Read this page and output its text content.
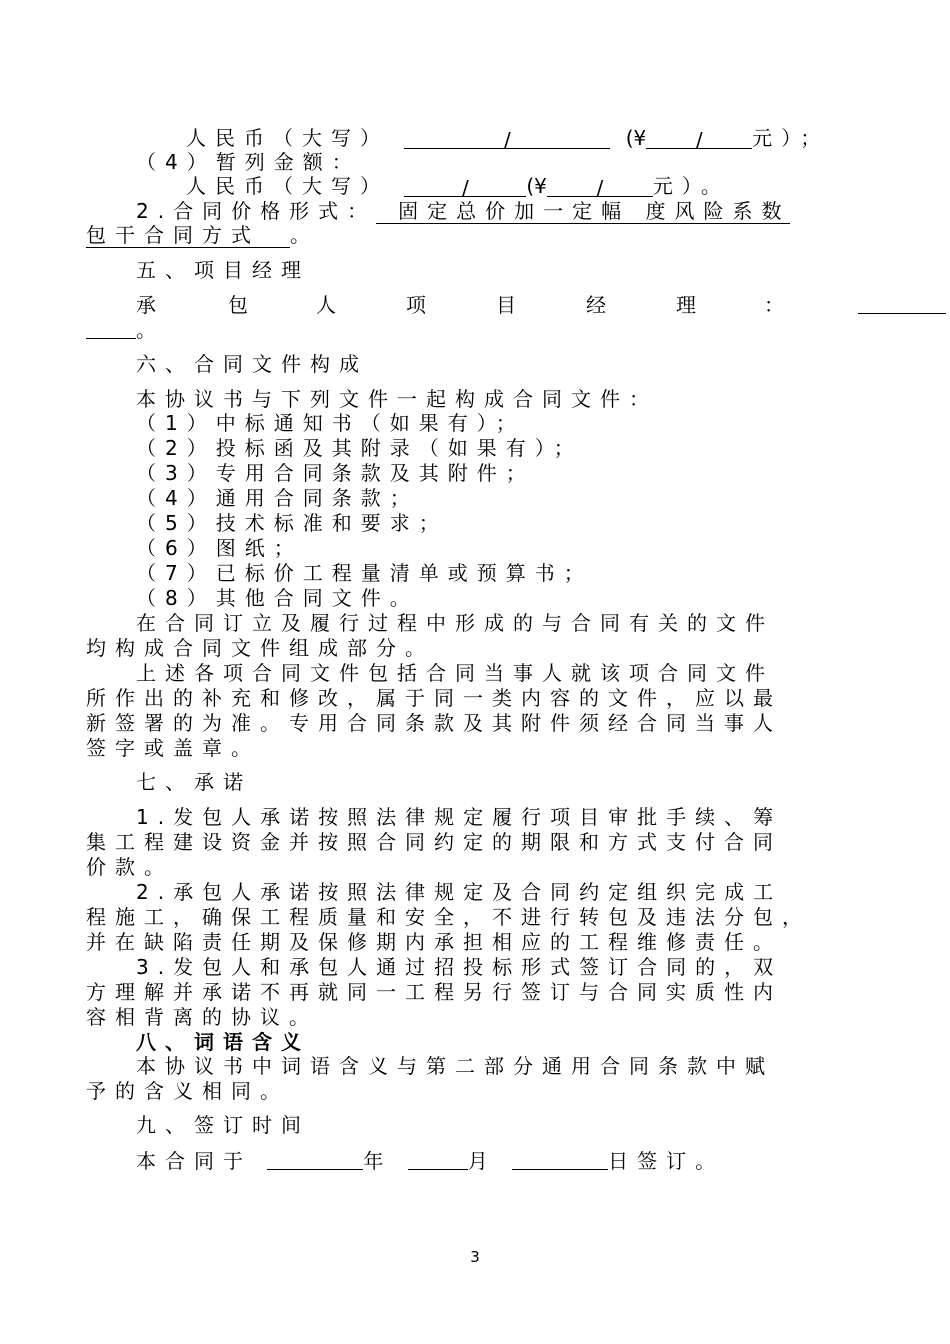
人民币（大写）	/	(¥ / 元）；
（4）暂列金额：
人民币（大写）	/	(¥ / 元）。
2.合同价格形式： 固定总价加一定幅 度风险系数
包干合同方式 。
五、项目经理
承	包	人	项	目	经	理	：
。
六、合同文件构成
本协议书与下列文件一起构成合同文件：
（1）中标通知书（如果有）；
（2）投标函及其附录（如果有）；
（3）专用合同条款及其附件；
（4）通用合同条款；
（5）技术标准和要求；
（6）图纸；
（7）已标价工程量清单或预算书；
（8）其他合同文件。
在合同订立及履行过程中形成的与合同有关的文件
均构成合同文件组成部分。
上述各项合同文件包括合同当事人就该项合同文件
所作出的补充和修改，属于同一类内容的文件，应以最
新签署的为准。专用合同条款及其附件须经合同当事人
签字或盖章。
七、承诺
1.发包人承诺按照法律规定履行项目审批手续、筹
集工程建设资金并按照合同约定的期限和方式支付合同
价款。
2.承包人承诺按照法律规定及合同约定组织完成工
程施工，确保工程质量和安全，不进行转包及违法分包，
并在缺陷责任期及保修期内承担相应的工程维修责任。
3.发包人和承包人通过招投标形式签订合同的，双
方理解并承诺不再就同一工程另行签订与合同实质性内
容相背离的协议。
八、词语含义
本协议书中词语含义与第二部分通用合同条款中赋
予的含义相同。
九、签订时间
本合同于	年	月	日签订。
3
